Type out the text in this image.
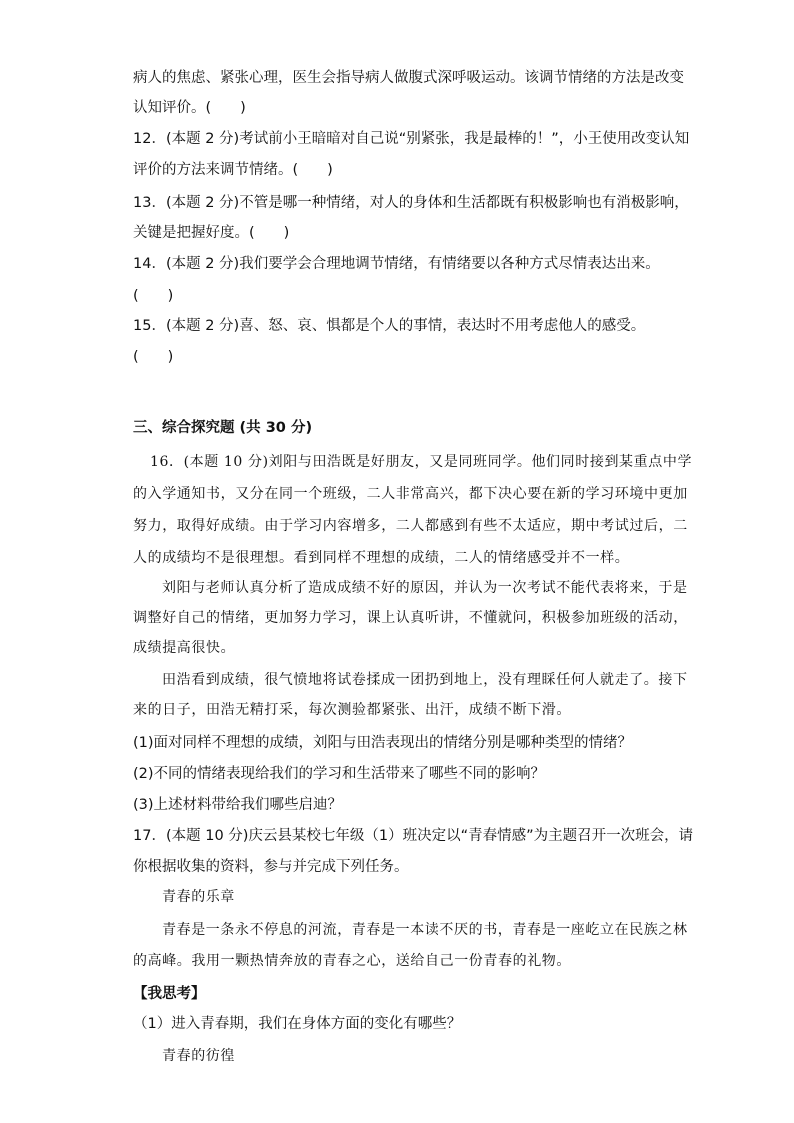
病人的焦虑、紧张心理，医生会指导病人做腹式深呼吸运动。该调节情绪的方法是改变
认知评价。(　　)
12．(本题 2 分)考试前小王暗暗对自己说“别紧张，我是最棒的！”，小王使用改变认知
评价的方法来调节情绪。(　　)
13．(本题 2 分)不管是哪一种情绪，对人的身体和生活都既有积极影响也有消极影响，
关键是把握好度。(　　)
14．(本题 2 分)我们要学会合理地调节情绪，有情绪要以各种方式尽情表达出来。
(　　)
15．(本题 2 分)喜、怒、哀、惧都是个人的事情，表达时不用考虑他人的感受。
(　　)
三、综合探究题 (共 30 分)
16．(本题 10 分)刘阳与田浩既是好朋友，又是同班同学。他们同时接到某重点中学
的入学通知书，又分在同一个班级，二人非常高兴，都下决心要在新的学习环境中更加
努力，取得好成绩。由于学习内容增多，二人都感到有些不太适应，期中考试过后，二
人的成绩均不是很理想。看到同样不理想的成绩，二人的情绪感受并不一样。
刘阳与老师认真分析了造成成绩不好的原因，并认为一次考试不能代表将来，于是
调整好自己的情绪，更加努力学习，课上认真听讲，不懂就问，积极参加班级的活动，
成绩提高很快。
田浩看到成绩，很气愤地将试卷揉成一团扔到地上，没有理睬任何人就走了。接下
来的日子，田浩无精打采，每次测验都紧张、出汗，成绩不断下滑。
(1)面对同样不理想的成绩，刘阳与田浩表现出的情绪分别是哪种类型的情绪？
(2)不同的情绪表现给我们的学习和生活带来了哪些不同的影响？
(3)上述材料带给我们哪些启迪？
17．(本题 10 分)庆云县某校七年级（1）班决定以“青春情感”为主题召开一次班会，请
你根据收集的资料，参与并完成下列任务。
青春的乐章
青春是一条永不停息的河流，青春是一本读不厌的书，青春是一座屹立在民族之林
的高峰。我用一颗热情奔放的青春之心，送给自己一份青春的礼物。
【我思考】
（1）进入青春期，我们在身体方面的变化有哪些？
青春的彷徨
